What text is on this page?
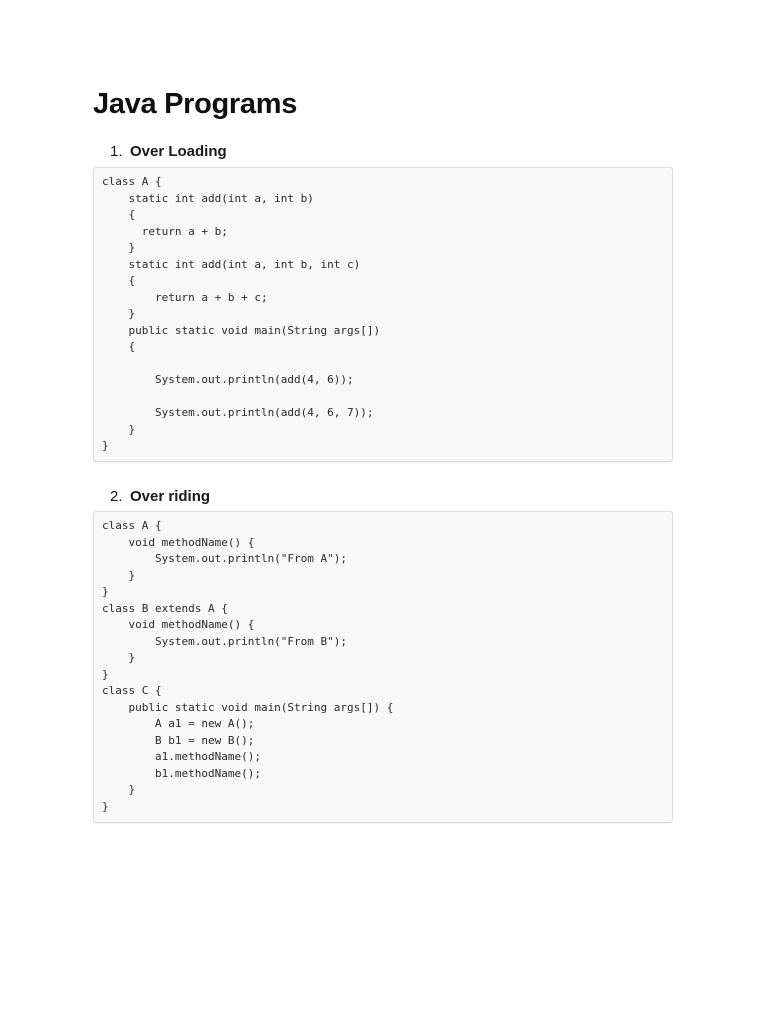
Java Programs
1. Over Loading
class A {
static int add(int a, int b)
{
return a + b;
}
static int add(int a, int b, int c)
{
return a + b + c;
}
public static void main(String args[])
{

System.out.println(add(4, 6));

System.out.println(add(4, 6, 7));
}
}
2. Over riding
class A {
void methodName() {
System.out.println("From A");
}
}
class B extends A {
void methodName() {
System.out.println("From B");
}
}
class C {
public static void main(String args[]) {
A a1 = new A();
B b1 = new B();
a1.methodName();
b1.methodName();
}
}
